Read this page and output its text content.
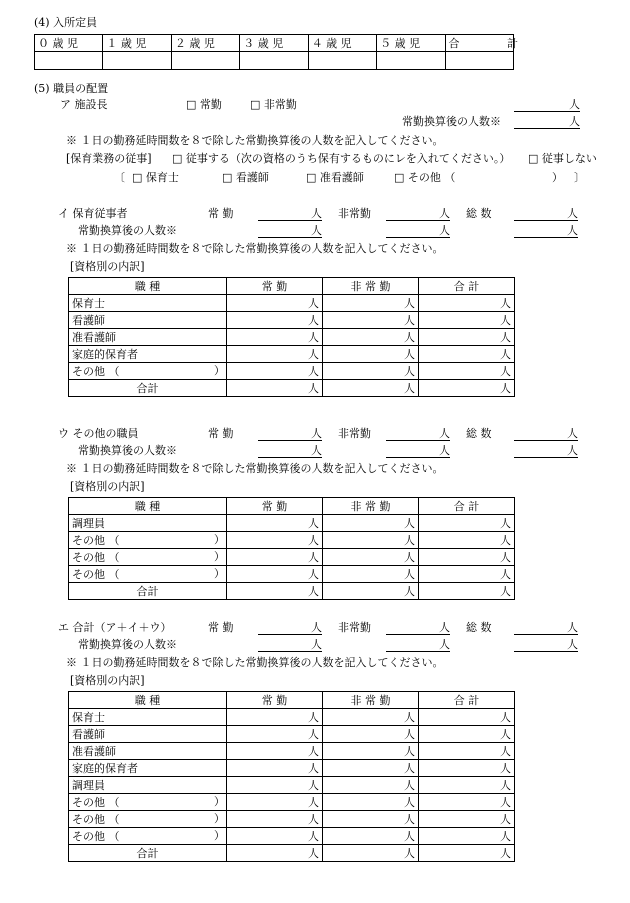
(4) 入所定員
０ 歳 児	１ 歳 児	２ 歳 児	３ 歳 児	４ 歳 児	５ 歳 児	合 計

(5) 職員の配置
ア 施設長	□ 常勤	□ 非常勤	人
常勤換算後の人数※	人
※ １日の勤務延時間数を８で除した常勤換算後の人数を記入してください。
[保育業務の従事] □ 従事する（次の資格のうち保有するものにレを入れてください。） □ 従事しない
〔 □ 保育士	□ 看護師	□ 准看護師	□ その他 （	） 〕
イ 保育従事者	常 勤	人 非常勤	人 総 数	人
常勤換算後の人数※	人	人	人
※ １日の勤務延時間数を８で除した常勤換算後の人数を記入してください。
[資格別の内訳]
職 種	常 勤	非 常 勤	合 計
保育士	人	人	人
看護師	人	人	人
准看護師	人	人	人
家庭的保育者	人	人	人
その他 （ ）	人	人	人
合計	人	人	人
ウ その他の職員	常 勤	人 非常勤	人 総 数	人
常勤換算後の人数※	人	人	人
※ １日の勤務延時間数を８で除した常勤換算後の人数を記入してください。
[資格別の内訳]
職 種	常 勤	非 常 勤	合 計
調理員	人	人	人
その他 （ ）	人	人	人
その他 （ ）	人	人	人
その他 （ ）	人	人	人
合計	人	人	人
エ 合計（ア＋イ＋ウ）	常 勤	人 非常勤	人 総 数	人
常勤換算後の人数※	人	人	人
※ １日の勤務延時間数を８で除した常勤換算後の人数を記入してください。
[資格別の内訳]
職 種	常 勤	非 常 勤	合 計
保育士	人	人	人
看護師	人	人	人
准看護師	人	人	人
家庭的保育者	人	人	人
調理員	人	人	人
その他 （ ）	人	人	人
その他 （ ）	人	人	人
その他 （ ）	人	人	人
合計	人	人	人
